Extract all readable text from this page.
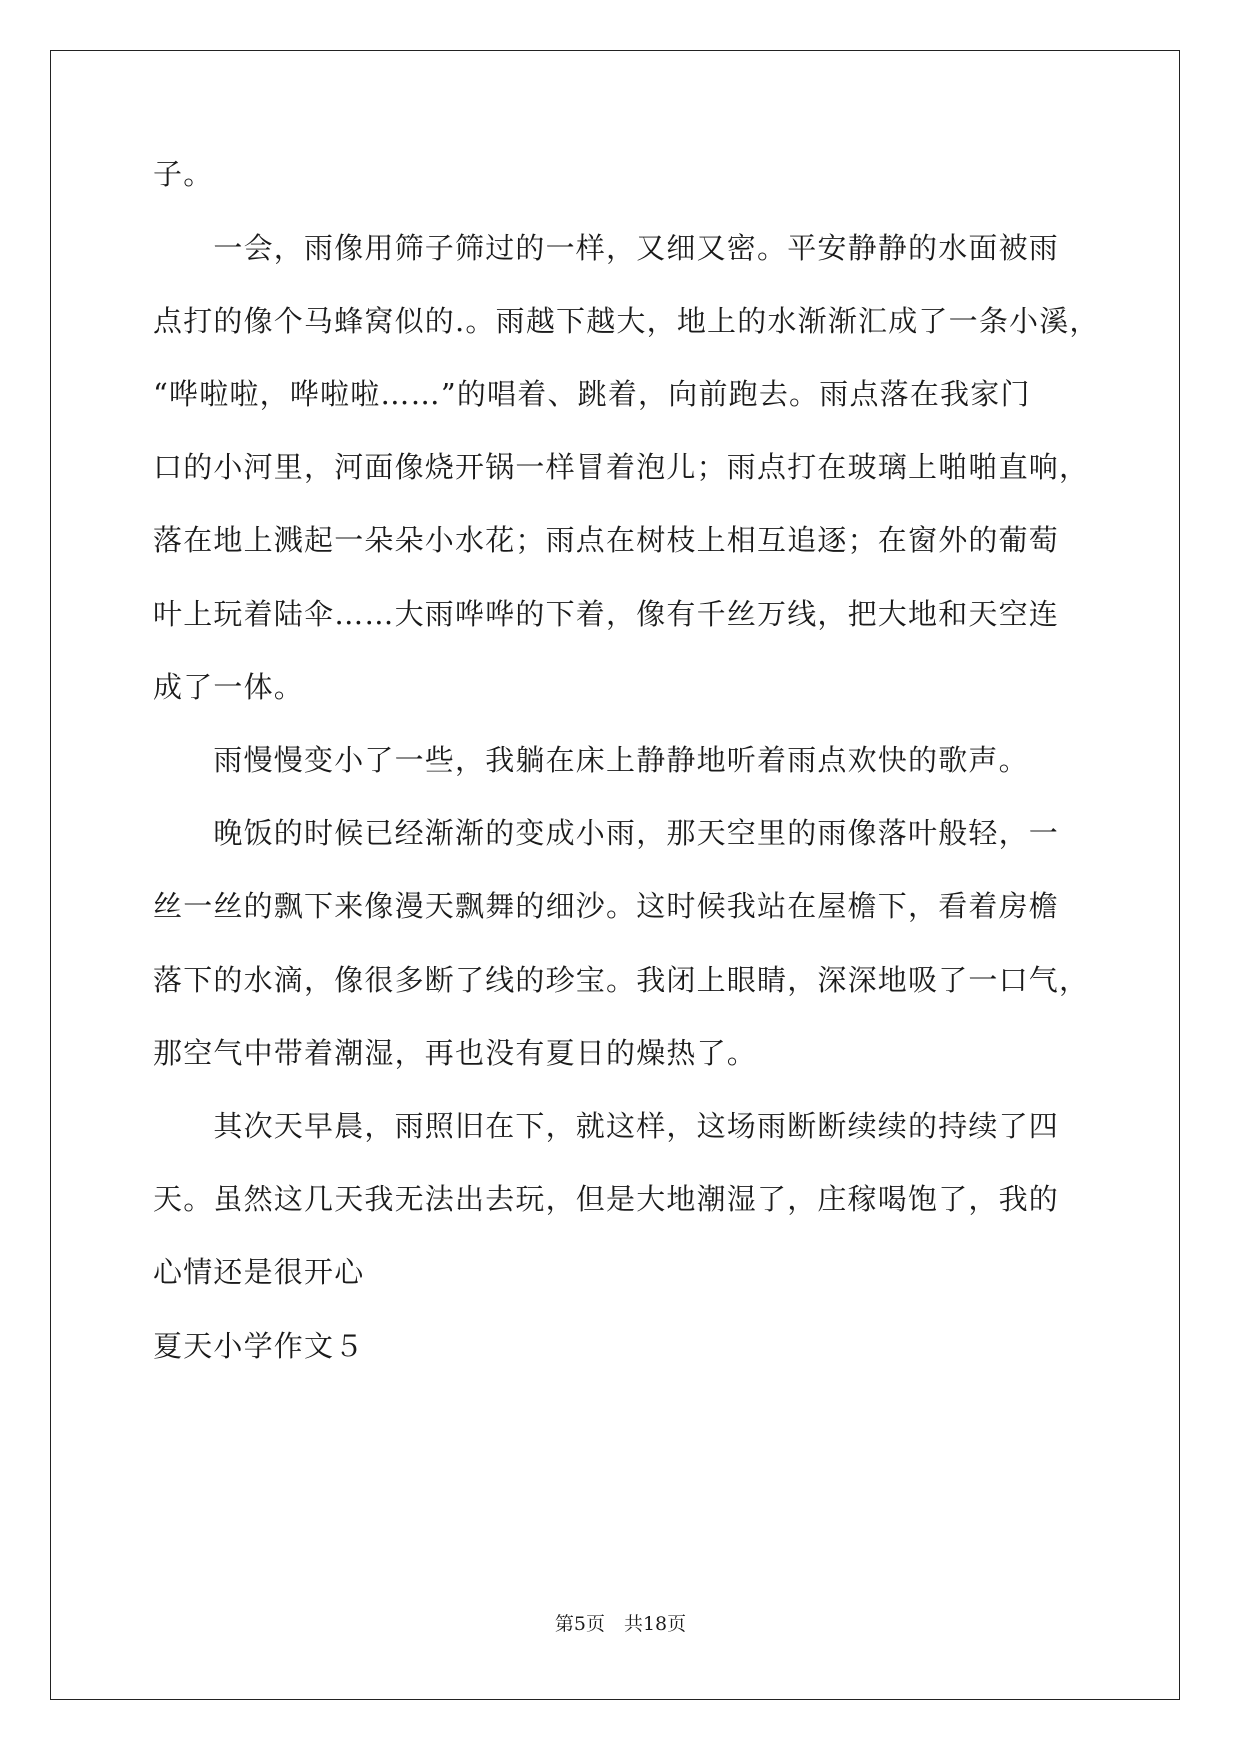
子。
　　一会，雨像用筛子筛过的一样，又细又密。平安静静的水面被雨
点打的像个马蜂窝似的.。雨越下越大，地上的水渐渐汇成了一条小溪，
“哗啦啦，哗啦啦……”的唱着、跳着，向前跑去。雨点落在我家门
口的小河里，河面像烧开锅一样冒着泡儿；雨点打在玻璃上啪啪直响，
落在地上溅起一朵朵小水花；雨点在树枝上相互追逐；在窗外的葡萄
叶上玩着陆伞……大雨哗哗的下着，像有千丝万线，把大地和天空连
成了一体。
　　雨慢慢变小了一些，我躺在床上静静地听着雨点欢快的歌声。
　　晚饭的时候已经渐渐的变成小雨，那天空里的雨像落叶般轻，一
丝一丝的飘下来像漫天飘舞的细沙。这时候我站在屋檐下，看着房檐
落下的水滴，像很多断了线的珍宝。我闭上眼睛，深深地吸了一口气，
那空气中带着潮湿，再也没有夏日的燥热了。
　　其次天早晨，雨照旧在下，就这样，这场雨断断续续的持续了四
天。虽然这几天我无法出去玩，但是大地潮湿了，庄稼喝饱了，我的
心情还是很开心
夏天小学作文５
第5页　共18页
